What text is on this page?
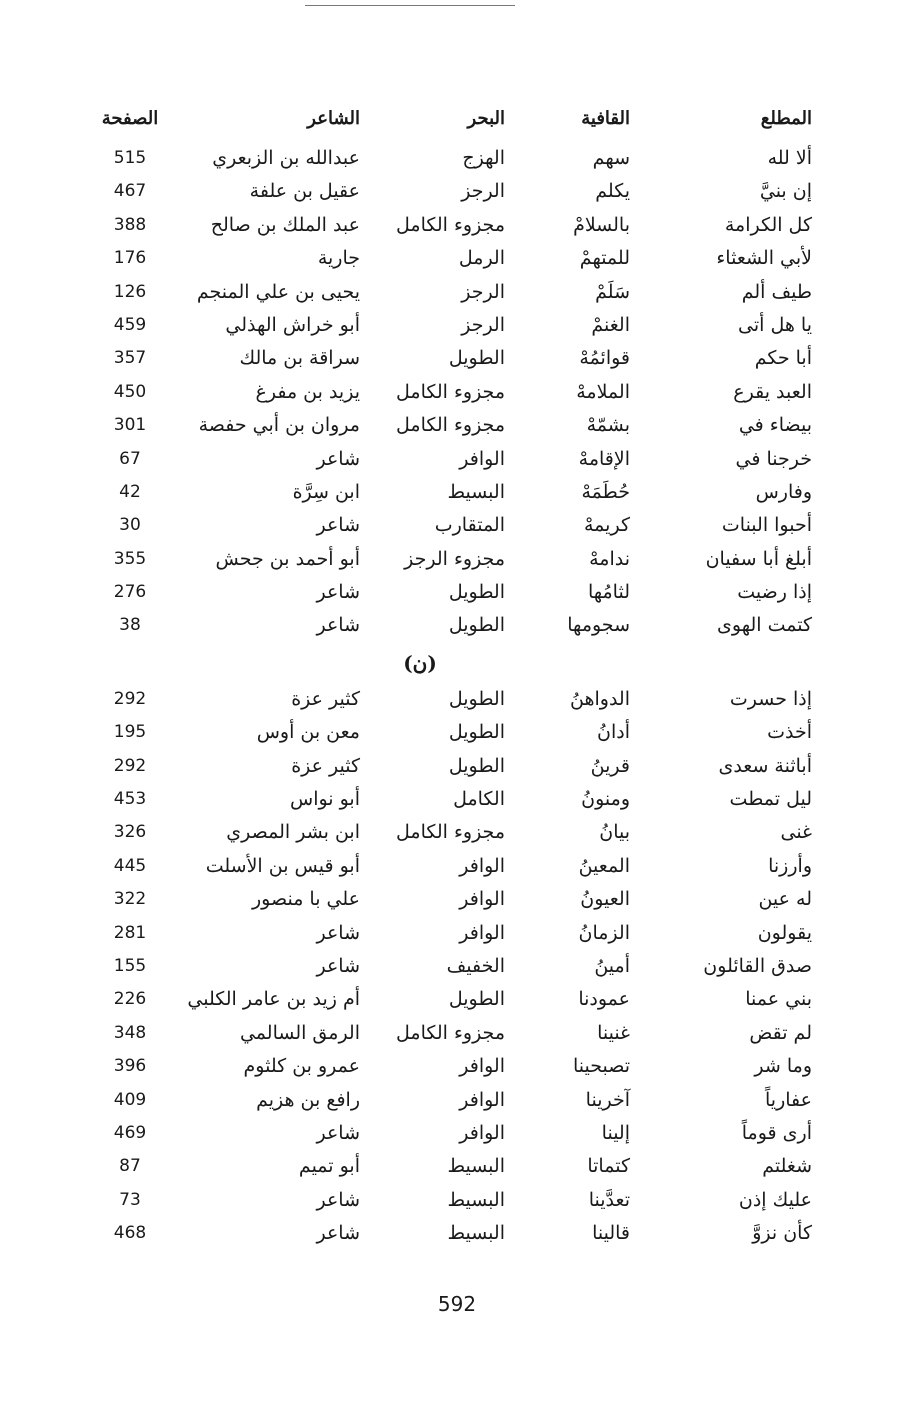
المطلع
القافية
البحر
الشاعر
الصفحة
ألا لله
سهم
الهزج
عبدالله بن الزبعري
515
إن بنيَّ
يكلم
الرجز
عقيل بن علفة
467
كل الكرامة
بالسلامْ
مجزوء الكامل
عبد الملك بن صالح
388
لأبي الشعثاء
للمتهمْ
الرمل
جارية
176
طيف ألم
سَلَمْ
الرجز
يحيى بن علي المنجم
126
يا هل أتى
الغنمْ
الرجز
أبو خراش الهذلي
459
أبا حكم
قوائمُهْ
الطويل
سراقة بن مالك
357
العبد يقرع
الملامهْ
مجزوء الكامل
يزيد بن مفرغ
450
بيضاء في
بشمّهْ
مجزوء الكامل
مروان بن أبي حفصة
301
خرجنا في
الإقامهْ
الوافر
شاعر
67
وفارس
حُطَمَهْ
البسيط
ابن سِرَّة
42
أحبوا البنات
كريمهْ
المتقارب
شاعر
30
أبلغ أبا سفيان
ندامهْ
مجزوء الرجز
أبو أحمد بن جحش
355
إذا رضيت
لثامُها
الطويل
شاعر
276
كتمت الهوى
سجومها
الطويل
شاعر
38
(ن)
إذا حسرت
الدواهنُ
الطويل
كثير عزة
292
أخذت
أدانُ
الطويل
معن بن أوس
195
أباثنة سعدى
قرينُ
الطويل
كثير عزة
292
ليل تمطت
ومنونُ
الكامل
أبو نواس
453
غنى
بيانُ
مجزوء الكامل
ابن بشر المصري
326
وأرزنا
المعينُ
الوافر
أبو قيس بن الأسلت
445
له عين
العيونُ
الوافر
علي با منصور
322
يقولون
الزمانُ
الوافر
شاعر
281
صدق القائلون
أمينُ
الخفيف
شاعر
155
بني عمنا
عمودنا
الطويل
أم زيد بن عامر الكلبي
226
لم تقض
غنينا
مجزوء الكامل
الرمق السالمي
348
وما شر
تصبحينا
الوافر
عمرو بن كلثوم
396
عفارياً
آخرينا
الوافر
رافع بن هزيم
409
أرى قوماً
إلينا
الوافر
شاعر
469
شغلتم
كتماتا
البسيط
أبو تميم
87
عليك إذن
تعدَّينا
البسيط
شاعر
73
كأن نزوَّ
قالينا
البسيط
شاعر
468
592
